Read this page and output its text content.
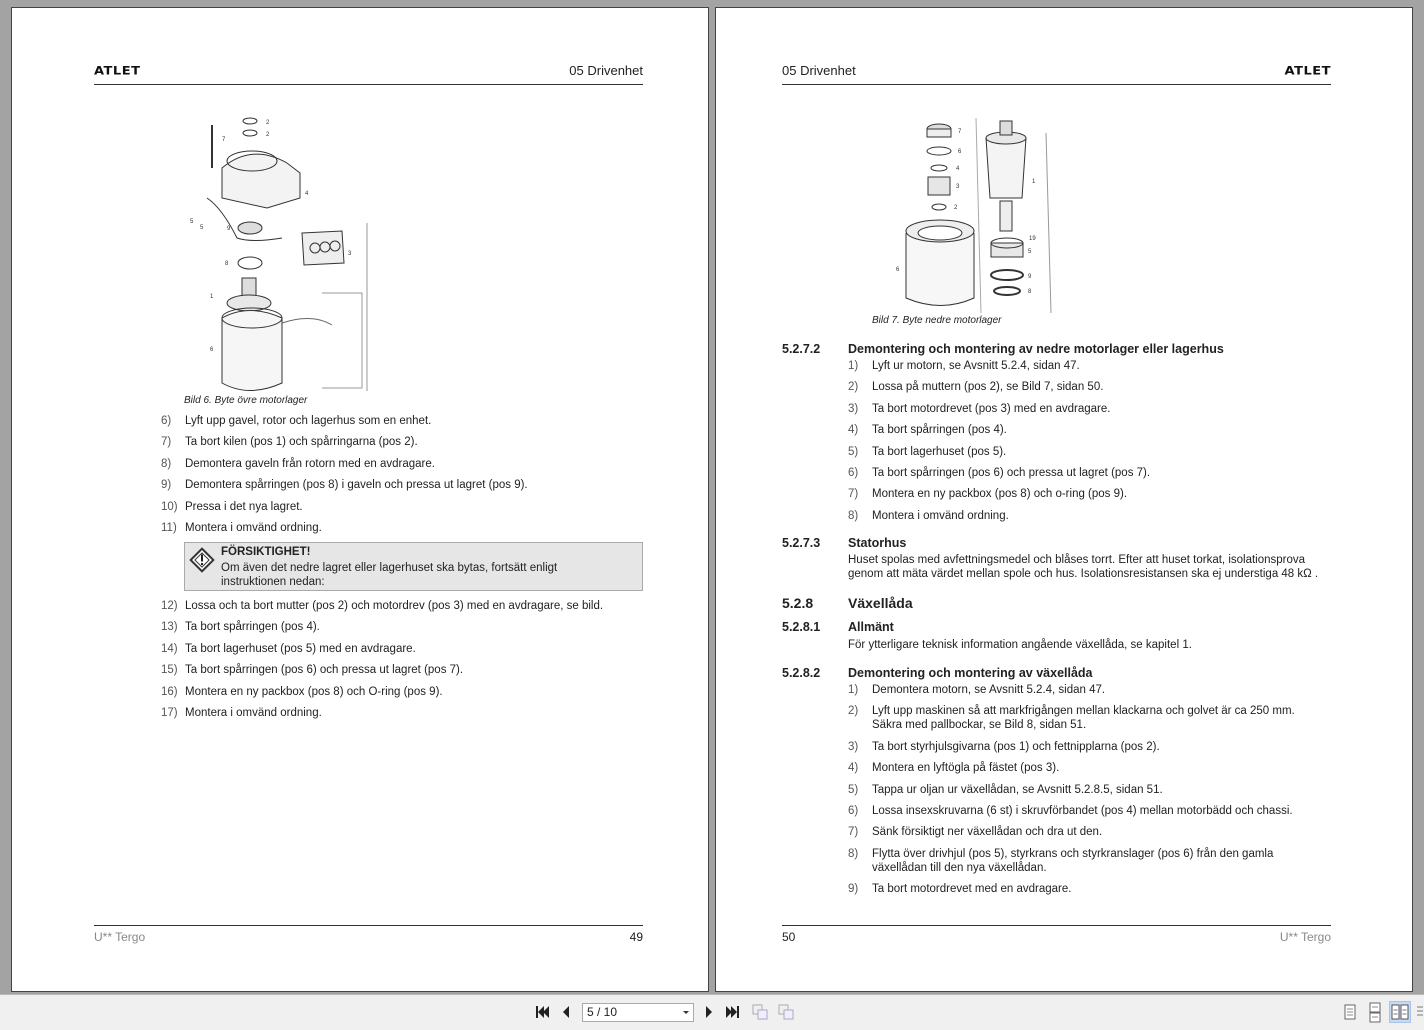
ATLET	05 Drivenhet
2
2
7
4
5
5	9
3
8
1
6
Bild 6. Byte övre motorlager
6)	Lyft upp gavel, rotor och lagerhus som en enhet.
7)	Ta bort kilen (pos 1) och spårringarna (pos 2).
8)	Demontera gaveln från rotorn med en avdragare.
9)	Demontera spårringen (pos 8) i gaveln och pressa ut lagret (pos 9).
10) Pressa i det nya lagret.
11) Montera i omvänd ordning.
FÖRSIKTIGHET!
Om även det nedre lagret eller lagerhuset ska bytas, fortsätt enligt instruktionen nedan:
12) Lossa och ta bort mutter (pos 2) och motordrev (pos 3) med en avdragare, se bild.
13) Ta bort spårringen (pos 4).
14) Ta bort lagerhuset (pos 5) med en avdragare.
15) Ta bort spårringen (pos 6) och pressa ut lagret (pos 7).
16) Montera en ny packbox (pos 8) och O-ring (pos 9).
17) Montera i omvänd ordning.
U** Tergo	49
05 Drivenhet	ATLET
7
6
4
3
2
1
19
5
9
8
6
Bild 7. Byte nedre motorlager
5.2.7.2	Demontering och montering av nedre motorlager eller lagerhus
1)	Lyft ur motorn, se Avsnitt 5.2.4, sidan 47.
2)	Lossa på muttern (pos 2), se Bild 7, sidan 50.
3)	Ta bort motordrevet (pos 3) med en avdragare.
4)	Ta bort spårringen (pos 4).
5)	Ta bort lagerhuset (pos 5).
6)	Ta bort spårringen (pos 6) och pressa ut lagret (pos 7).
7)	Montera en ny packbox (pos 8) och o-ring (pos 9).
8)	Montera i omvänd ordning.
5.2.7.3	Statorhus
Huset spolas med avfettningsmedel och blåses torrt. Efter att huset torkat, isolationsprova genom att mäta värdet mellan spole och hus. Isolationsresistansen ska ej understiga 48 kΩ .
5.2.8	Växellåda
5.2.8.1	Allmänt
För ytterligare teknisk information angående växellåda, se kapitel 1.
5.2.8.2	Demontering och montering av växellåda
1)	Demontera motorn, se Avsnitt 5.2.4, sidan 47.
2)	Lyft upp maskinen så att markfrigången mellan klackarna och golvet är ca 250 mm. Säkra med pallbockar, se Bild 8, sidan 51.
3)	Ta bort styrhjulsgivarna (pos 1) och fettnipplarna (pos 2).
4)	Montera en lyftögla på fästet (pos 3).
5)	Tappa ur oljan ur växellådan, se Avsnitt 5.2.8.5, sidan 51.
6)	Lossa insexskruvarna (6 st) i skruvförbandet (pos 4) mellan motorbädd och chassi.
7)	Sänk försiktigt ner växellådan och dra ut den.
8)	Flytta över drivhjul (pos 5), styrkrans och styrkranslager (pos 6) från den gamla växellådan till den nya växellådan.
9)	Ta bort motordrevet med en avdragare.
50	U** Tergo
5 / 10
